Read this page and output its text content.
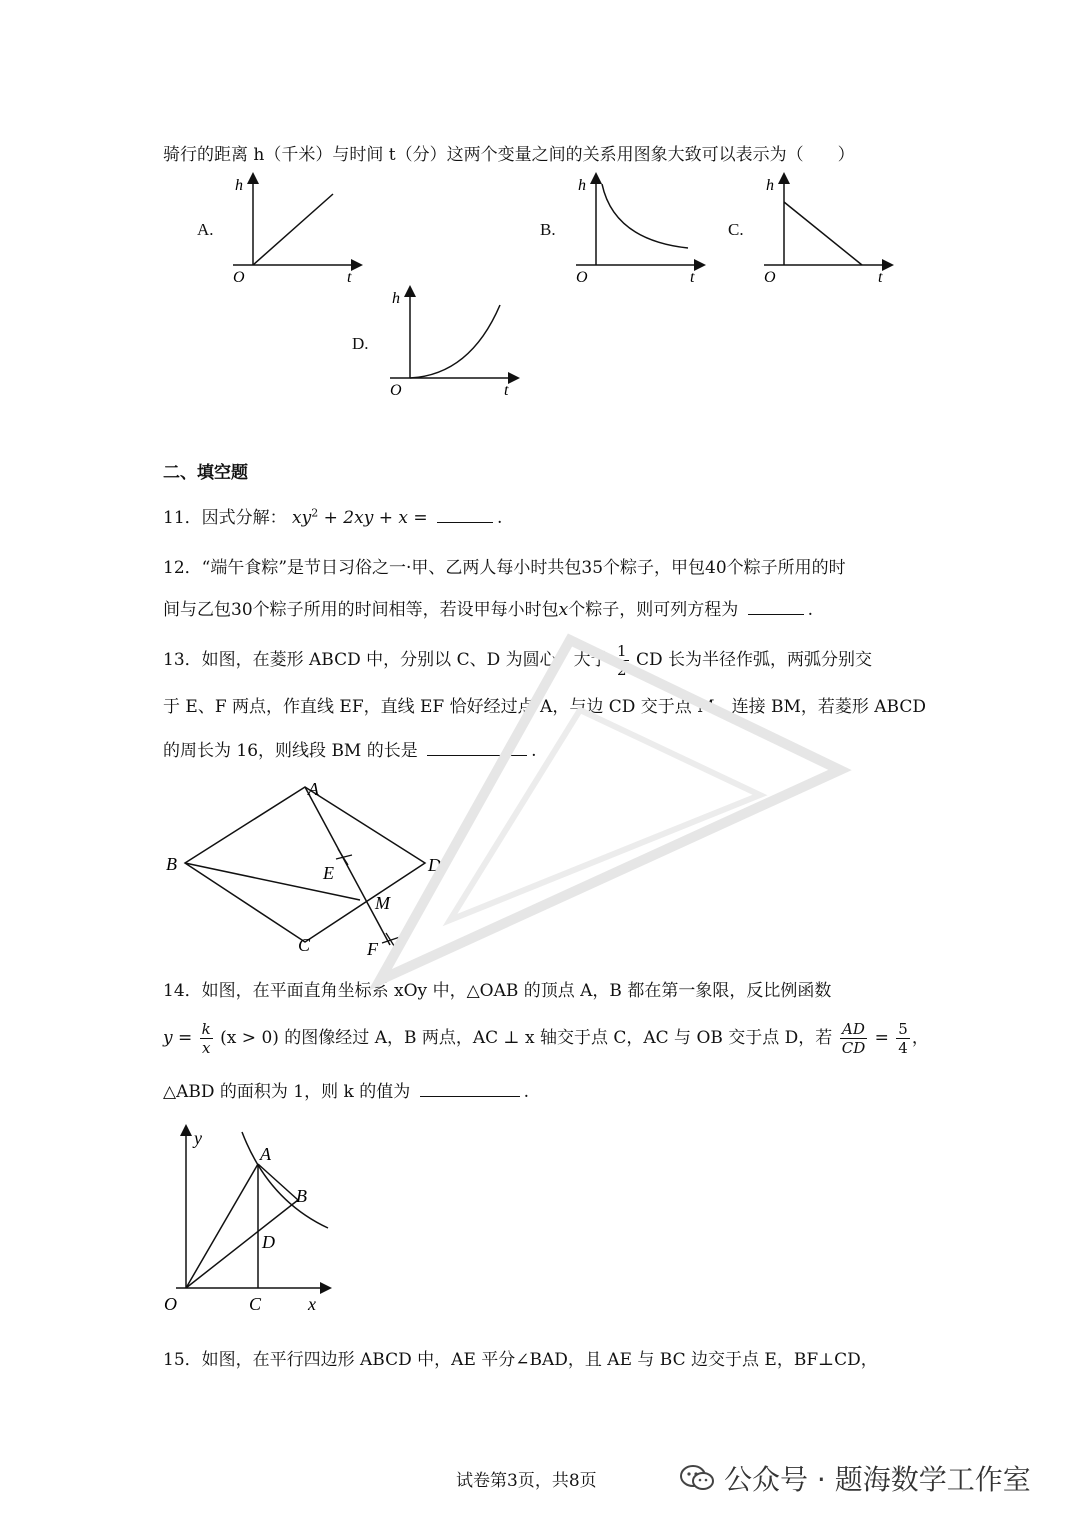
骑行的距离 h（千米）与时间 t（分）这两个变量之间的关系用图象大致可以表示为（　　）
A.
h
O	t
B.
h
O	t
C.
h
O	t
D.
h
O	t
二、填空题
11．因式分解： $xy^2 + 2xy + x$ =	.
12．“端午食粽”是节日习俗之一·甲、乙两人每小时共包35个粽子，甲包40个粽子所用的时
间与乙包30个粽子所用的时间相等，若设甲每小时包x个粽子，则可列方程为	.
13．如图，在菱形 ABCD 中，分别以 C、D 为圆心，大于 $\frac{1}{2}$ CD 长为半径作弧，两弧分别交
于 E、F 两点，作直线 EF，直线 EF 恰好经过点 A，与边 CD 交于点 M，连接 BM，若菱形 ABCD
的周长为 16，则线段 BM 的长是	.
A
B
C
D
E
F
M
14．如图，在平面直角坐标系 xOy 中，△OAB 的顶点 A，B 都在第一象限，反比例函数
$y = \frac{k}{x} (x > 0)$ 的图像经过 A，B 两点，AC ⊥ x 轴交于点 C，AC 与 OB 交于点 D，若 $\frac{AD}{CD} = \frac{5}{4}$ ，
△ABD 的面积为 1，则 k 的值为	.
y
A
B
D
O	C	x
15．如图，在平行四边形 ABCD 中，AE 平分∠BAD，且 AE 与 BC 边交于点 E，BF⊥CD，
试卷第3页，共8页	公众号 · 题海数学工作室
